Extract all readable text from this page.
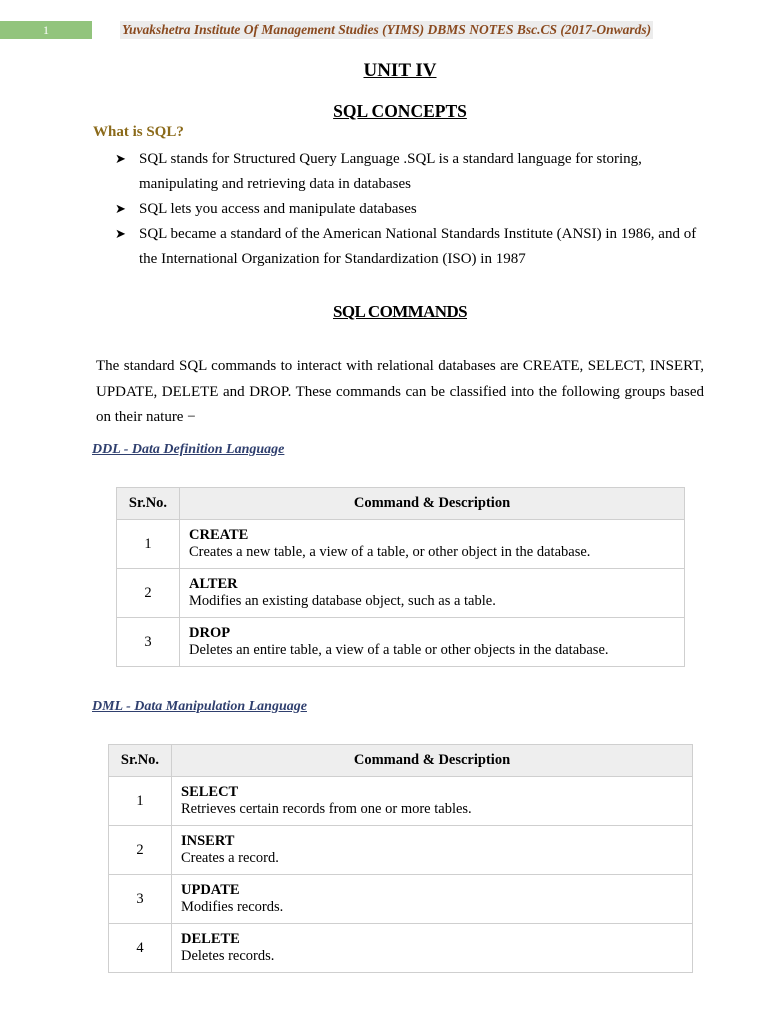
1	Yuvakshetra Institute Of Management Studies (YIMS) DBMS NOTES Bsc.CS (2017-Onwards)
UNIT IV
SQL CONCEPTS
What is SQL?
➤ SQL stands for Structured Query Language .SQL is a standard language for storing, manipulating and retrieving data in databases
➤ SQL lets you access and manipulate databases
➤ SQL became a standard of the American National Standards Institute (ANSI) in 1986, and of the International Organization for Standardization (ISO) in 1987
SQL COMMANDS

The standard SQL commands to interact with relational databases are CREATE, SELECT, INSERT, UPDATE, DELETE and DROP. These commands can be classified into the following groups based on their nature −

DDL - Data Definition Language
Sr.No.	Command & Description
1	CREATE
Creates a new table, a view of a table, or other object in the database.

2	ALTER
Modifies an existing database object, such as a table.

3	DROP
Deletes an entire table, a view of a table or other objects in the database.
DML - Data Manipulation Language
Sr.No.	Command & Description
1	SELECT
Retrieves certain records from one or more tables.

2	INSERT
Creates a record.

3	UPDATE
Modifies records.

4	DELETE
Deletes records.
